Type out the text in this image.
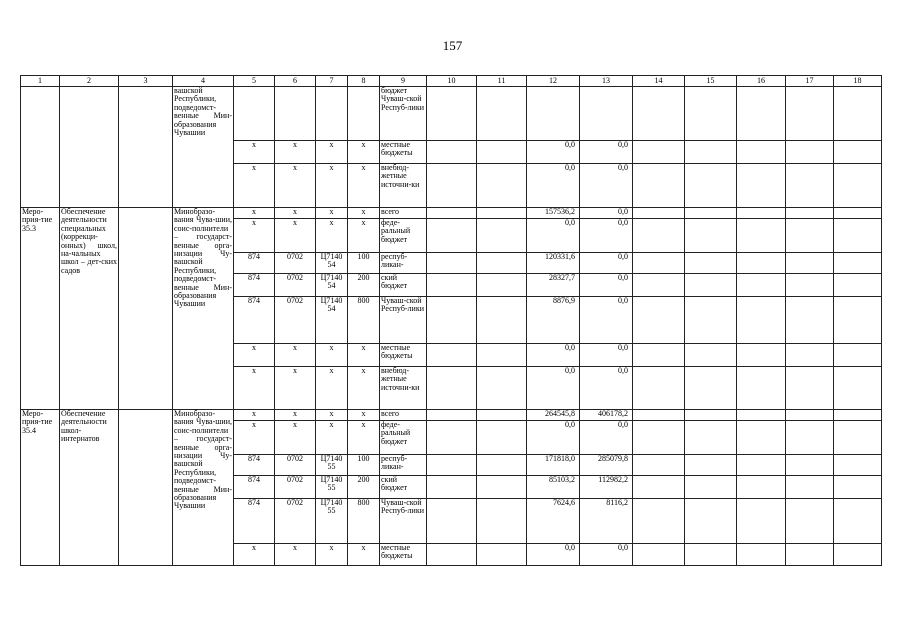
157
1	2	3	4	5	6	7	8	9	10	11	12	13	14	15	16	17	18
			вашской Республики, подведомст-венные Мин-образования Чувашии					бюджет Чуваш-ской Респуб-лики									
				х	х	х	х	местные бюджеты			0,0	0,0					
				х	х	х	х	внебюд-жетные источни-ки			0,0	0,0					
Меро-прия-тие 35.3	Обеспечение деятельности специальных (коррекци-онных) школ, на-чальных школ – дет-ских садов		Минобразо-вания Чува-шии, соис-полнители – государст-венные орга-низации Чу-вашской Республики, подведомст-венные Мин-образования Чувашии	х	х	х	х	всего			157536,2	0,0					
				х	х	х	х	феде-ральный бюджет			0,0	0,0					
				874	0702	Ц7140 54	100	респуб-ликан-			120331,6	0,0					
				874	0702	Ц7140 54	200	ский бюджет			28327,7	0,0					
				874	0702	Ц7140 54	800	Чуваш-ской Респуб-лики			8876,9	0,0					
				х	х	х	х	местные бюджеты			0,0	0,0					
				х	х	х	х	внебюд-жетные источни-ки			0,0	0,0					
Меро-прия-тие 35.4	Обеспечение деятельности школ-интернатов		Минобразо-вания Чува-шии, соис-полнители – государст-венные орга-низации Чу-вашской Республики, подведомст-венные Мин-образования Чувашии	х	х	х	х	всего			264545,8	406178,2					
				х	х	х	х	феде-ральный бюджет			0,0	0,0					
				874	0702	Ц7140 55	100	респуб-ликан-			171818,0	285079,8					
				874	0702	Ц7140 55	200	ский бюджет			85103,2	112982,2					
				874	0702	Ц7140 55	800	Чуваш-ской Респуб-лики			7624,6	8116,2					
				х	х	х	х	местные бюджеты			0,0	0,0					
